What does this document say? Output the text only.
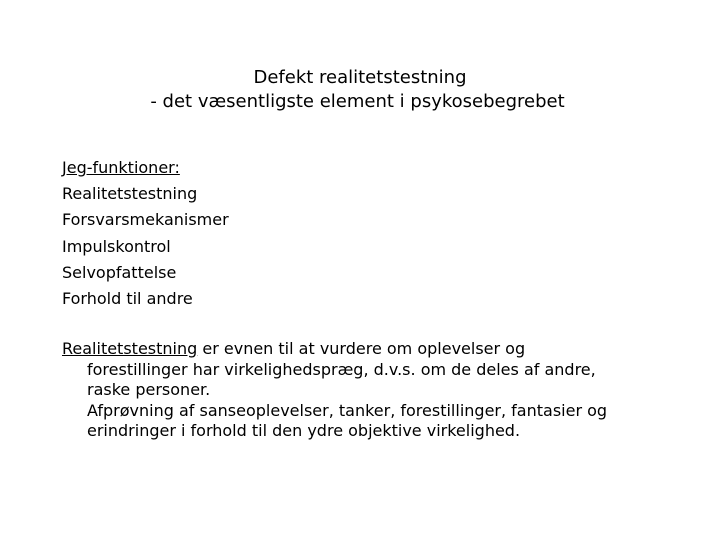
Defekt realitetstestning
- det væsentligste element i psykosebegrebet
Jeg-funktioner:
Realitetstestning
Forsvarsmekanismer
Impulskontrol
Selvopfattelse
Forhold til andre
Realitetstestning er evnen til at vurdere om oplevelser og
forestillinger har virkelighedspræg, d.v.s. om de deles af andre,
raske personer.
Afprøvning af sanseoplevelser, tanker, forestillinger, fantasier og
erindringer i forhold til den ydre objektive virkelighed.
